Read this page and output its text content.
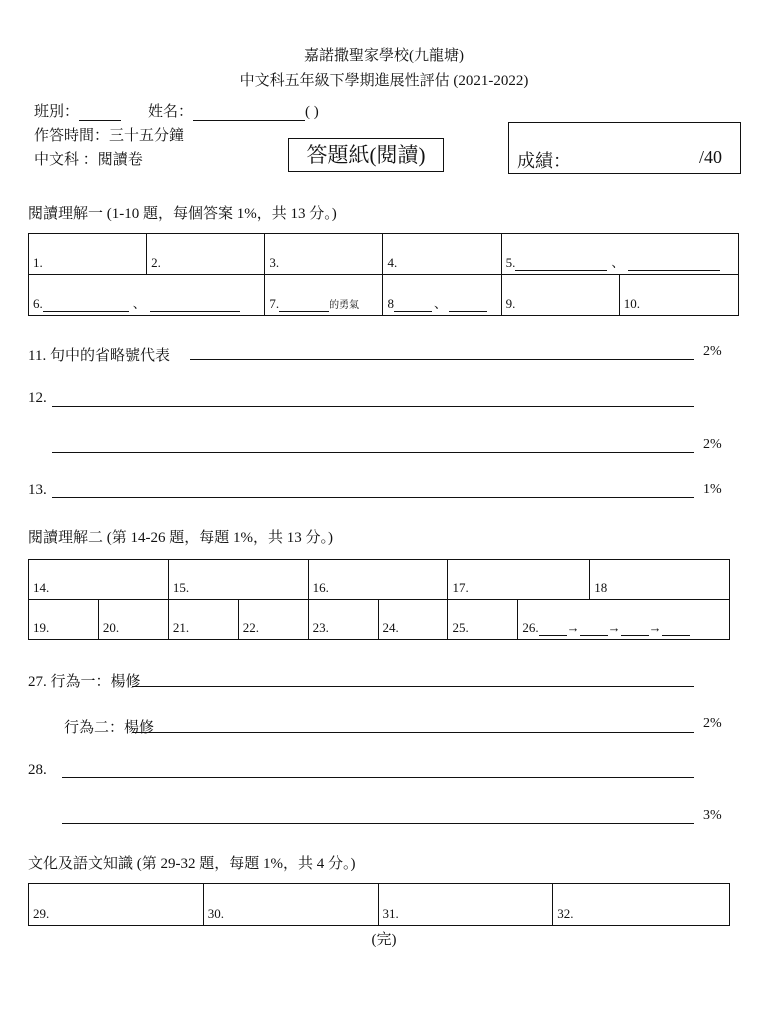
嘉諾撒聖家學校(九龍塘)
中文科五年級下學期進展性評估 (2021-2022)
班別：	姓名：	( )
作答時間：三十五分鐘
中文科 ：閱讀卷	答題紙(閱讀)	成績：	/40
閱讀理解一 (1-10 題，每個答案 1%，共 13 分。)
1.	2.	3.	4.	5. 、	
6. 、		7. 的勇氣	8 、	9.	10.
11. 句中的省略號代表	2%
12.
2%
13.	1%
閱讀理解二 (第 14-26 題，每題 1%，共 13 分。)
14.		15.		16.		17.		18
19.	20.	21.	22.	23.	24.	25.	26. → → →	
27. 行為一：楊修
行為二：楊修	2%
28.
3%
文化及語文知識 (第 29-32 題，每題 1%，共 4 分。)
29.	30.	31.	32.
(完)
